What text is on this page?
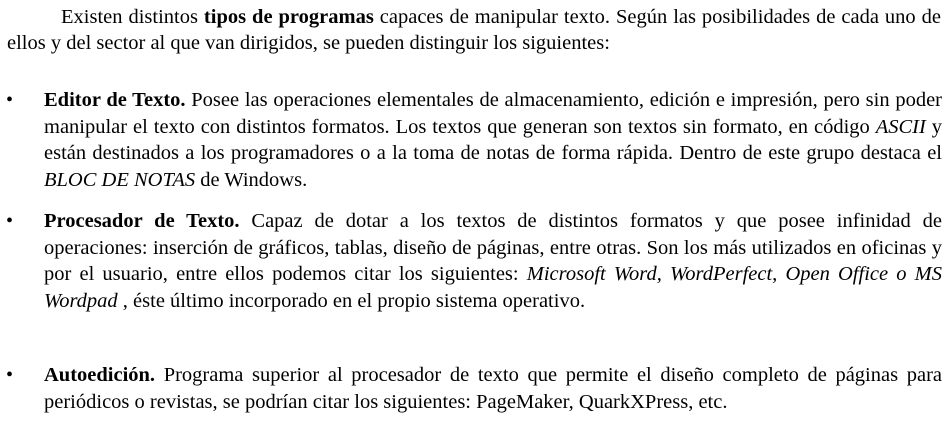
Existen distintos tipos de programas capaces de manipular texto. Según las posibilidades de cada uno de ellos y del sector al que van dirigidos, se pueden distinguir los siguientes:

• Editor de Texto. Posee las operaciones elementales de almacenamiento, edición e impresión, pero sin poder manipular el texto con distintos formatos. Los textos que generan son textos sin formato, en código ASCII y están destinados a los programadores o a la toma de notas de forma rápida. Dentro de este grupo destaca el BLOC DE NOTAS de Windows.

• Procesador de Texto. Capaz de dotar a los textos de distintos formatos y que posee infinidad de operaciones: inserción de gráficos, tablas, diseño de páginas, entre otras. Son los más utilizados en oficinas y por el usuario, entre ellos podemos citar los siguientes: Microsoft Word, WordPerfect, Open Office o MS Wordpad , éste último incorporado en el propio sistema operativo.

• Autoedición. Programa superior al procesador de texto que permite el diseño completo de páginas para periódicos o revistas, se podrían citar los siguientes: PageMaker, QuarkXPress, etc.
